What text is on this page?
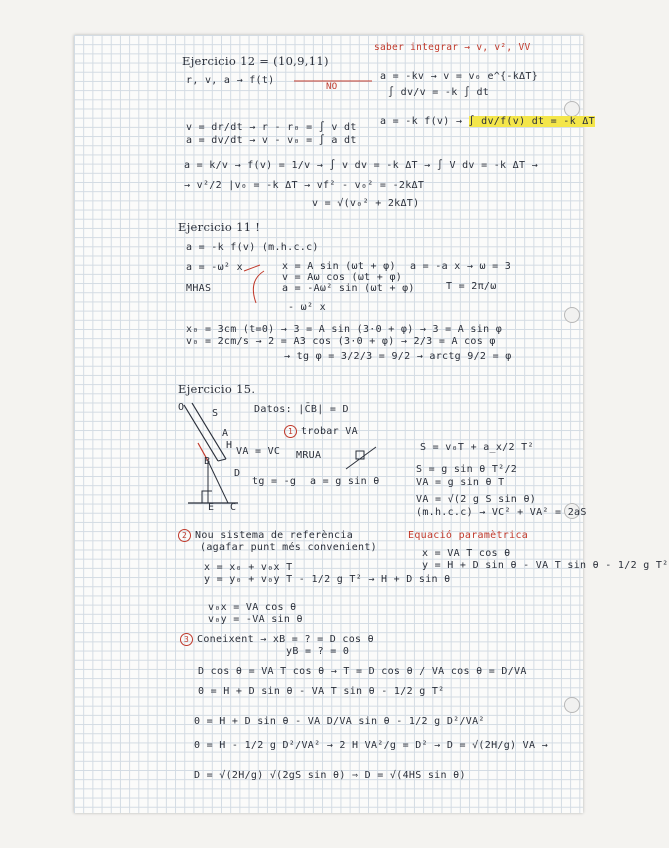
saber integrar → v, v², VV
Ejercicio 12 = (10,9,11)
r, v, a → f(t)
NO
a = -kv → v = v₀ e^{-kΔT}
∫ dv/v = -k ∫ dt
v = dr/dt → r - r₀ = ∫ v dt
a = dv/dt → v - v₀ = ∫ a dt
a = -k f(v) → ∫ dv/f(v) dt = -k ΔT
a = k/v → f(v) = 1/v → ∫ v dv = -k ΔT → ∫ V dv = -k ΔT →
→ v²/2 |v₀ = -k ΔT → vf² - v₀² = -2kΔT
v = √(v₀² + 2kΔT)
Ejercicio 11 !
a = -k f(v) (m.h.c.c)
a = -ω² x	x = A sin (ωt + φ) a = -a x → ω = 3
v = Aω cos (ωt + φ)
MHAS	a = -Aω² sin (ωt + φ)	T = 2π/ω
- ω² x
x₀ = 3cm (t=0) → 3 = A sin (3·0 + φ) → 3 = A sin φ
v₀ = 2cm/s → 2 = A3 cos (3·0 + φ) → 2/3 = A cos φ
→ tg φ = 3/2/3 = 9/2 → arctg 9/2 = φ
Ejercicio 15.
Datos: |C̄B| = D
1 trobar VA
O
S
A
H
B
D
E C
VA = VC MRUA
tg = -g a = g sin θ
S = v₀T + a_x/2 T²
S = g sin θ T²/2
VA = g sin θ T
VA = √(2 g S sin θ)
(m.h.c.c) → VC² + VA² = 2aS
2 Nou sistema de referència
(agafar punt més convenient)
Equació paramètrica
x = VA T cos θ
y = H + D sin θ - VA T sin θ - 1/2 g T²
x = x₀ + v₀x T
y = y₀ + v₀y T - 1/2 g T² → H + D sin θ
v₀x = VA cos θ
v₀y = -VA sin θ
3 Coneixent → xB = ? = D cos θ
yB = ? = 0
D cos θ = VA T cos θ → T = D cos θ / VA cos θ = D/VA
0 = H + D sin θ - VA T sin θ - 1/2 g T²
0 = H + D sin θ - VA D/VA sin θ - 1/2 g D²/VA²
0 = H - 1/2 g D²/VA² → 2 H VA²/g = D² → D = √(2H/g) VA →
D = √(2H/g) √(2gS sin θ) ⇒ D = √(4HS sin θ)
